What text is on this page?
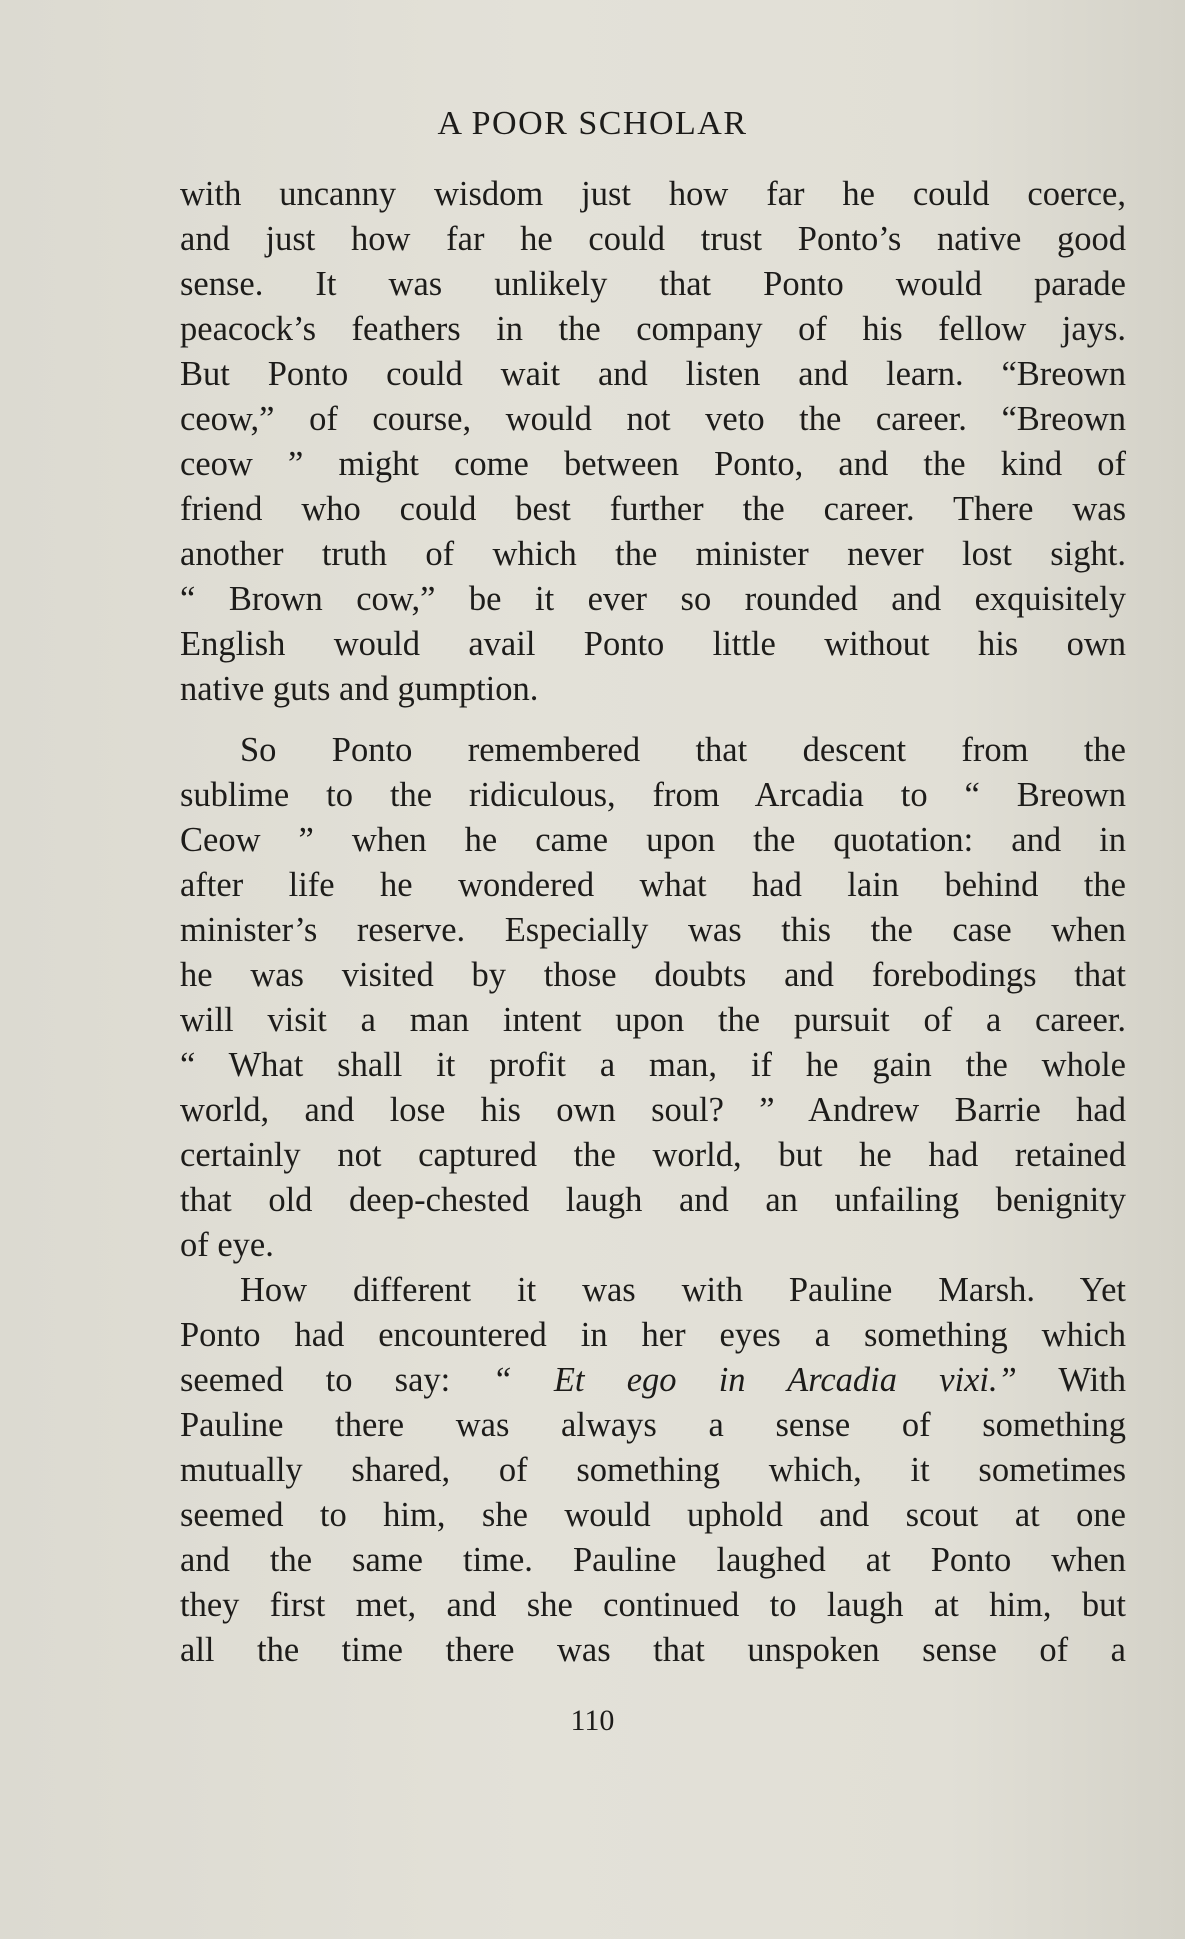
A POOR SCHOLAR
with uncanny wisdom just how far he could coerce,
and just how far he could trust Ponto’s native good
sense. It was unlikely that Ponto would parade
peacock’s feathers in the company of his fellow jays.
But Ponto could wait and listen and learn. “Breown
ceow,” of course, would not veto the career. “Breown
ceow ” might come between Ponto, and the kind of
friend who could best further the career. There was
another truth of which the minister never lost sight.
“ Brown cow,” be it ever so rounded and exquisitely
English would avail Ponto little without his own
native guts and gumption.
So Ponto remembered that descent from the
sublime to the ridiculous, from Arcadia to “ Breown
Ceow ” when he came upon the quotation: and in
after life he wondered what had lain behind the
minister’s reserve. Especially was this the case when
he was visited by those doubts and forebodings that
will visit a man intent upon the pursuit of a career.
“ What shall it profit a man, if he gain the whole
world, and lose his own soul? ” Andrew Barrie had
certainly not captured the world, but he had retained
that old deep-chested laugh and an unfailing benignity
of eye.
How different it was with Pauline Marsh. Yet
Ponto had encountered in her eyes a something which
seemed to say: “ Et ego in Arcadia vixi.” With
Pauline there was always a sense of something
mutually shared, of something which, it sometimes
seemed to him, she would uphold and scout at one
and the same time. Pauline laughed at Ponto when
they first met, and she continued to laugh at him, but
all the time there was that unspoken sense of a
110
